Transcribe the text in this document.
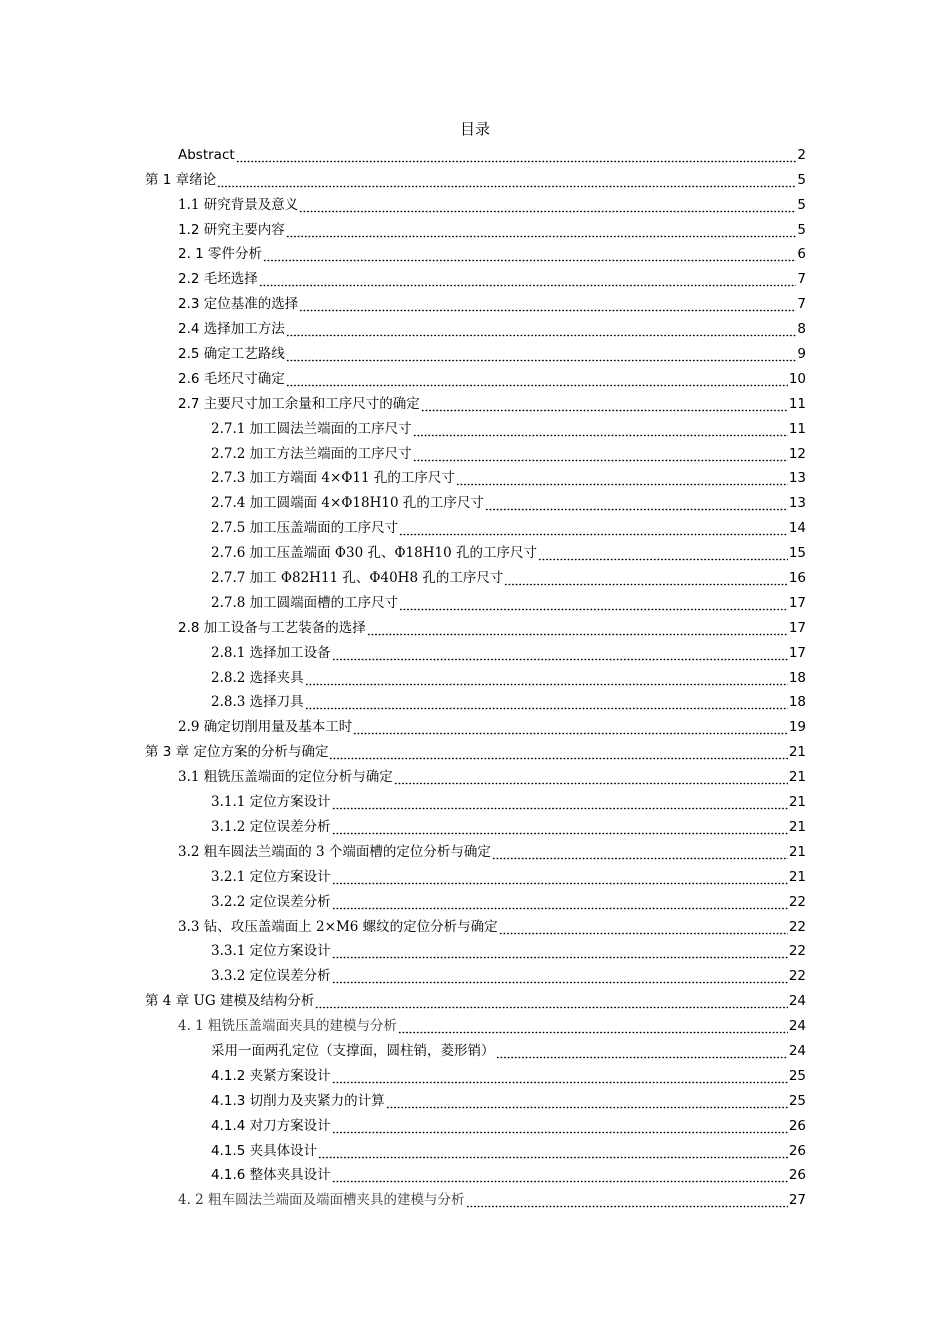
目录
Abstract	2
第 1 章绪论	5
1.1 研究背景及意义	5
1.2 研究主要内容	5
2. 1 零件分析	6
2.2 毛坯选择	7
2.3 定位基准的选择	7
2.4 选择加工方法	8
2.5 确定工艺路线	9
2.6 毛坯尺寸确定	10
2.7 主要尺寸加工余量和工序尺寸的确定	11
2.7.1 加工圆法兰端面的工序尺寸	11
2.7.2 加工方法兰端面的工序尺寸	12
2.7.3 加工方端面 4×Φ11 孔的工序尺寸	13
2.7.4 加工圆端面 4×Φ18H10 孔的工序尺寸	13
2.7.5 加工压盖端面的工序尺寸	14
2.7.6 加工压盖端面 Φ30 孔、Φ18H10 孔的工序尺寸	15
2.7.7 加工 Φ82H11 孔、Φ40H8 孔的工序尺寸	16
2.7.8 加工圆端面槽的工序尺寸	17
2.8 加工设备与工艺装备的选择	17
2.8.1 选择加工设备	17
2.8.2 选择夹具	18
2.8.3 选择刀具	18
2.9 确定切削用量及基本工时	19
第 3 章 定位方案的分析与确定	21
3.1 粗铣压盖端面的定位分析与确定	21
3.1.1 定位方案设计	21
3.1.2 定位误差分析	21
3.2 粗车圆法兰端面的 3 个端面槽的定位分析与确定	21
3.2.1 定位方案设计	21
3.2.2 定位误差分析	22
3.3 钻、攻压盖端面上 2×M6 螺纹的定位分析与确定	22
3.3.1 定位方案设计	22
3.3.2 定位误差分析	22
第 4 章 UG 建模及结构分析	24
4. 1 粗铣压盖端面夹具的建模与分析	24
采用一面两孔定位（支撑面，圆柱销，菱形销）	24
4.1.2 夹紧方案设计	25
4.1.3 切削力及夹紧力的计算	25
4.1.4 对刀方案设计	26
4.1.5 夹具体设计	26
4.1.6 整体夹具设计	26
4. 2 粗车圆法兰端面及端面槽夹具的建模与分析	27
